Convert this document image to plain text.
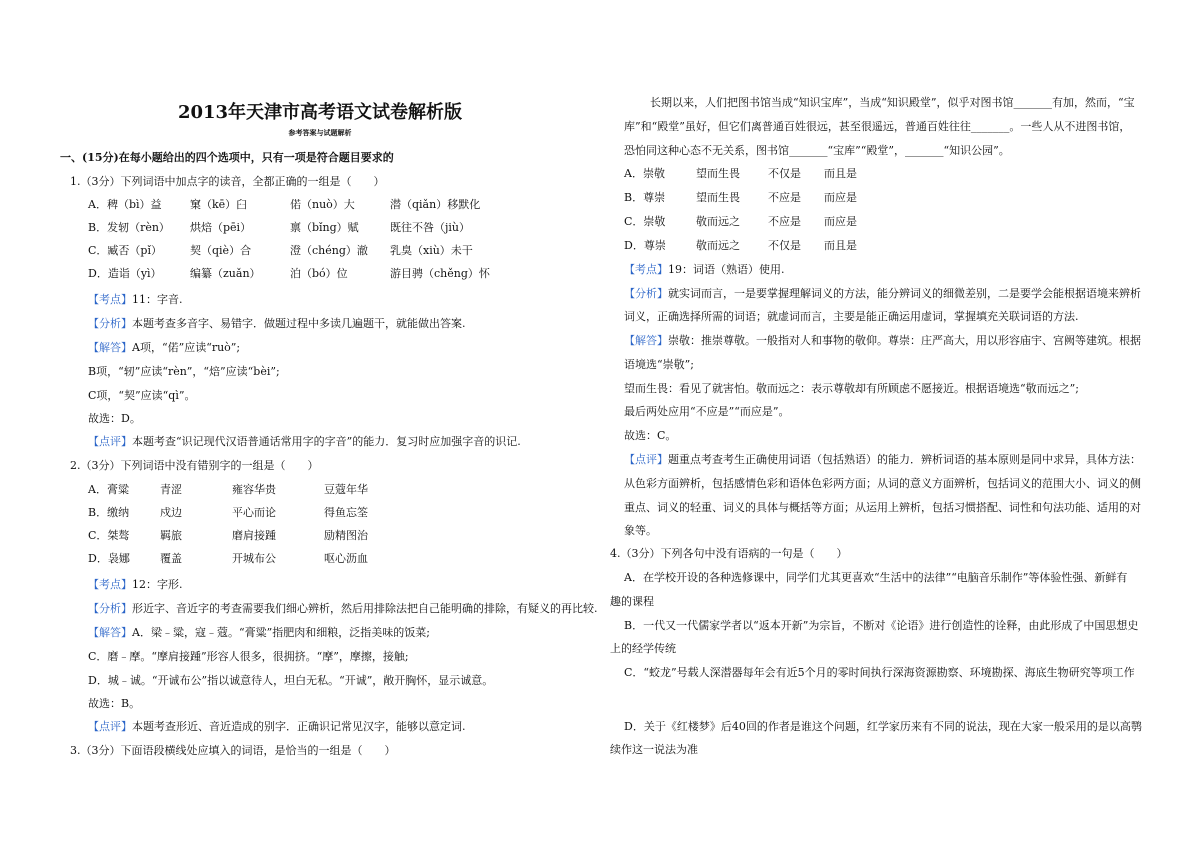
2013年天津市高考语文试卷解析版
参考答案与试题解析
一、(15分)在每小题给出的四个选项中，只有一项是符合题目要求的
1.（3分）下列词语中加点字的读音，全都正确的一组是（　　）
A．稗（bì）益	窠（kē）臼	偌（nuò）大	潜（qiǎn）移默化
B．发轫（rèn） 烘焙（pēi）	禀（bǐng）赋	既往不咎（jiù）
C．臧否（pǐ）	契（qiè）合	澄（chéng）澈 乳臭（xiù）未干
D．造诣（yì）	编纂（zuǎn）	泊（bó）位	游目骋（chěng）怀
【考点】11：字音.
【分析】本题考查多音字、易错字．做题过程中多读几遍题干，就能做出答案.
【解答】A项，“偌”应读“ruò”;
B项，“轫”应读“rèn”，“焙”应读“bèi”;
C项，“契”应读“qì”。
故选：D。
【点评】本题考查“识记现代汉语普通话常用字的字音”的能力．复习时应加强字音的识记.
2.（3分）下列词语中没有错别字的一组是（　　）
A．膏粱	青涩	雍容华贵	豆蔻年华
B．缴纳	戍边	平心而论	得鱼忘筌
C．桀骜	羁旅	磨肩接踵	励精图治
D．袅娜	覆盖	开城布公	呕心沥血
【考点】12：字形.
【分析】形近字、音近字的考查需要我们细心辨析，然后用排除法把自己能明确的排除，有疑义的再比较.
【解答】A．梁﹣粱，寇﹣蔻。“膏粱”指肥肉和细粮，泛指美味的饭菜;
C．磨﹣摩。“摩肩接踵”形容人很多，很拥挤。“摩”，摩擦，接触;
D．城﹣诚。“开诚布公”指以诚意待人，坦白无私。“开诚”，敞开胸怀，显示诚意。
故选：B。
【点评】本题考查形近、音近造成的别字．正确识记常见汉字，能够以意定词.
3.（3分）下面语段横线处应填入的词语，是恰当的一组是（　　）
长期以来，人们把图书馆当成“知识宝库”，当成“知识殿堂”，似乎对图书馆_______有加，然而，“宝
库”和“殿堂”虽好，但它们离普通百姓很远，甚至很遥远，普通百姓往往_______。一些人从不进图书馆，
恐怕同这种心态不无关系，图书馆_______“宝库”“殿堂”，_______“知识公园”。
A．崇敬	望而生畏	不仅是 而且是
B．尊崇	望而生畏	不应是 而应是
C．崇敬	敬而远之	不应是 而应是
D．尊崇	敬而远之	不仅是 而且是
【考点】19：词语（熟语）使用.
【分析】就实词而言，一是要掌握理解词义的方法，能分辨词义的细微差别，二是要学会能根据语境来辨析
词义，正确选择所需的词语；就虚词而言，主要是能正确运用虚词，掌握填充关联词语的方法.
【解答】崇敬：推崇尊敬。一般指对人和事物的敬仰。尊崇：庄严高大，用以形容庙宇、宫阙等建筑。根据
语境选“崇敬”;
望而生畏：看见了就害怕。敬而远之：表示尊敬却有所顾虑不愿接近。根据语境选“敬而远之”;
最后两处应用“不应是”“而应是”。
故选：C。
【点评】题重点考查考生正确使用词语（包括熟语）的能力．辨析词语的基本原则是同中求异，具体方法：
从色彩方面辨析，包括感情色彩和语体色彩两方面；从词的意义方面辨析，包括词义的范围大小、词义的侧
重点、词义的轻重、词义的具体与概括等方面；从运用上辨析，包括习惯搭配、词性和句法功能、适用的对
象等。
4.（3分）下列各句中没有语病的一句是（　　）
A．在学校开设的各种选修课中，同学们尤其更喜欢“生活中的法律”“电脑音乐制作”等体验性强、新鲜有
趣的课程
B．一代又一代儒家学者以“返本开新”为宗旨，不断对《论语》进行创造性的诠释，由此形成了中国思想史
上的经学传统
C．“蛟龙”号载人深潜器每年会有近5个月的零时间执行深海资源勘察、环境勘探、海底生物研究等项工作
D．关于《红楼梦》后40回的作者是谁这个问题，红学家历来有不同的说法，现在大家一般采用的是以高鹗
续作这一说法为准
